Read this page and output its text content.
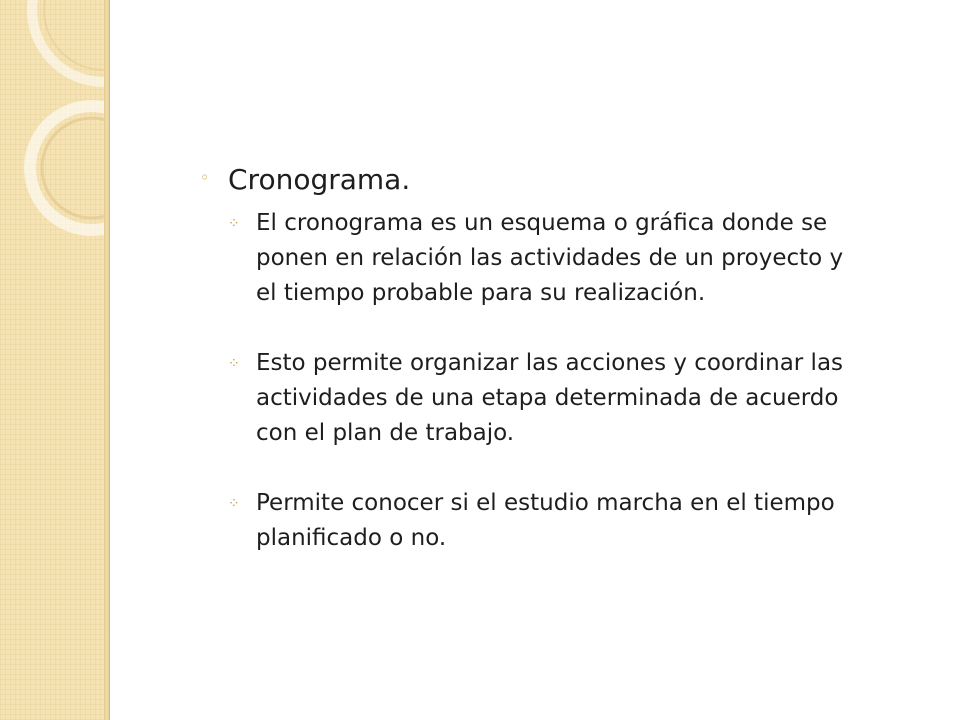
◦ Cronograma.
⁘ El cronograma es un esquema o gráfica donde se
ponen en relación las actividades de un proyecto y
el tiempo probable para su realización.
⁘ Esto permite organizar las acciones y coordinar las
actividades de una etapa determinada de acuerdo
con el plan de trabajo.
⁘ Permite conocer si el estudio marcha en el tiempo
planificado o no.
